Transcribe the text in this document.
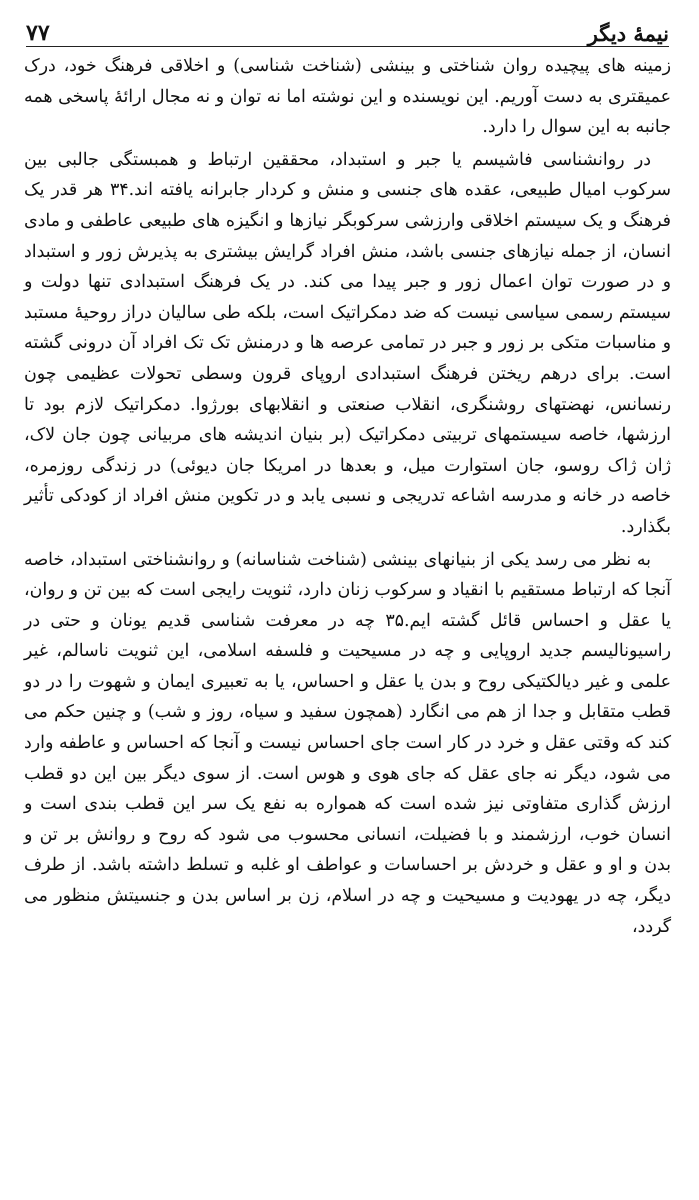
نیمهٔ دیگر
۷۷

زمینه های پیچیده روان شناختی و بینشی (شناخت شناسی) و اخلاقی فرهنگ خود، درک عمیقتری به دست آوریم. این نویسنده و این نوشته اما نه توان و نه مجال ارائهٔ پاسخی همه جانبه به این سوال را دارد.

در روانشناسی فاشیسم یا جبر و استبداد، محققین ارتباط و همبستگی جالبی بین سرکوب امیال طبیعی، عقده های جنسی و منش و کردار جابرانه یافته اند.۳۴ هر قدر یک فرهنگ و یک سیستم اخلاقی وارزشی سرکوبگر نیازها و انگیزه های طبیعی عاطفی و مادی انسان، از جمله نیازهای جنسی باشد، منش افراد گرایش بیشتری به پذیرش زور و استبداد و در صورت توان اعمال زور و جبر پیدا می کند. در یک فرهنگ استبدادی تنها دولت و سیستم رسمی سیاسی نیست که ضد دمکراتیک است، بلکه طی سالیان دراز روحیهٔ مستبد و مناسبات متکی بر زور و جبر در تمامی عرصه ها و درمنش تک تک افراد آن درونی گشته است. برای درهم ریختن فرهنگ استبدادی اروپای قرون وسطی تحولات عظیمی چون رنسانس، نهضتهای روشنگری، انقلاب صنعتی و انقلابهای بورژوا. دمکراتیک لازم بود تا ارزشها، خاصه سیستمهای تربیتی دمکراتیک (بر بنیان اندیشه های مربیانی چون جان لاک، ژان ژاک روسو، جان استوارت میل، و بعدها در امریکا جان دیوئی) در زندگی روزمره، خاصه در خانه و مدرسه اشاعه تدریجی و نسبی یابد و در تکوین منش افراد از کودکی تأثیر بگذارد.

به نظر می رسد یکی از بنیانهای بینشی (شناخت شناسانه) و روانشناختی استبداد، خاصه آنجا که ارتباط مستقیم با انقیاد و سرکوب زنان دارد، ثنویت رایجی است که بین تن و روان، یا عقل و احساس قائل گشته ایم.۳۵ چه در معرفت شناسی قدیم یونان و حتی در راسیونالیسم جدید اروپایی و چه در مسیحیت و فلسفه اسلامی، این ثنویت ناسالم، غیر علمی و غیر دیالکتیکی روح و بدن یا عقل و احساس، یا به تعبیری ایمان و شهوت را در دو قطب متقابل و جدا از هم می انگارد (همچون سفید و سیاه، روز و شب) و چنین حکم می کند که وقتی عقل و خرد در کار است جای احساس نیست و آنجا که احساس و عاطفه وارد می شود، دیگر نه جای عقل که جای هوی و هوس است. از سوی دیگر بین این دو قطب ارزش گذاری متفاوتی نیز شده است که همواره به نفع یک سر این قطب بندی است و انسان خوب، ارزشمند و با فضیلت، انسانی محسوب می شود که روح و روانش بر تن و بدن و او و عقل و خردش بر احساسات و عواطف او غلبه و تسلط داشته باشد. از طرف دیگر، چه در یهودیت و مسیحیت و چه در اسلام، زن بر اساس بدن و جنسیتش منظور می گردد،
